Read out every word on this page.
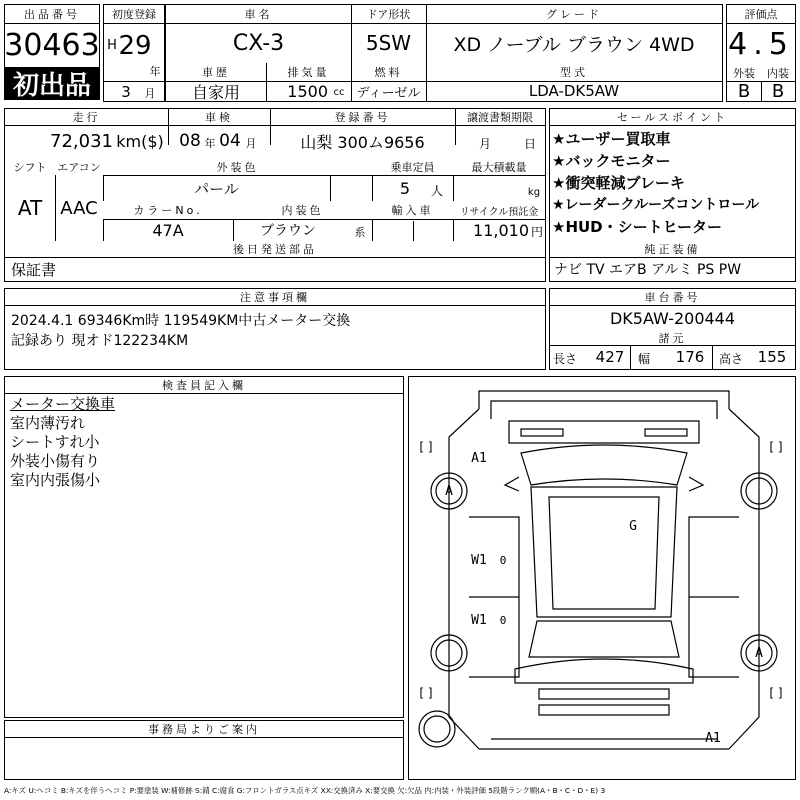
出品番号
30463
初出品
初度登録
H 29
年
3	月
車名	ドア形状	グレード
CX-3	5SW	XD ノーブル ブラウン 4WD
車歴	排気量	燃料	型式
自家用	1500 cc ディーゼル	LDA-DK5AW
評価点
4.5
外装	内装
B	B
走行	車検	登録番号	譲渡書類期限
72,031 km($) 08 年 04 月	山梨 300ム9656	月	日
シフト エアコン	外装色	乗車定員	最大積載量
AT	AAC
パール	5	人	kg
カラーNo.	内装色	輸入車	リサイクル預託金
47A	ブラウン	系	11,010 円
後日発送部品
保証書
セールスポイント
★ユーザー買取車
★バックモニター
★衝突軽減ブレーキ
★レーダークルーズコントロール
★HUD・シートヒーター
純正装備
ナビ TV エアB アルミ PS PW
注意事項欄
2024.4.1 69346Km時 119549KM中古メーター交換
記録あり 現オド122234KM
車台番号
DK5AW-200444
諸元
長さ	427	幅	176	高さ 155
検査員記入欄
メーター交換車
室内薄汚れ
シートすれ小
外装小傷有り
室内内張傷小
事務局よりご案内
[ ]	[ ]
[ ]	[ ]
A1
A
G
W1	0
W1	0
A
A1
A:キズ U:ヘコミ B:キズを伴うヘコミ P:要塗装 W:補修跡 S:錆 C:腐食 G:フロントガラス点キズ XX:交換済み X:要交換 欠:欠品 内:内装・外装評価 5段階ランク順(A・B・C・D・E) 3
